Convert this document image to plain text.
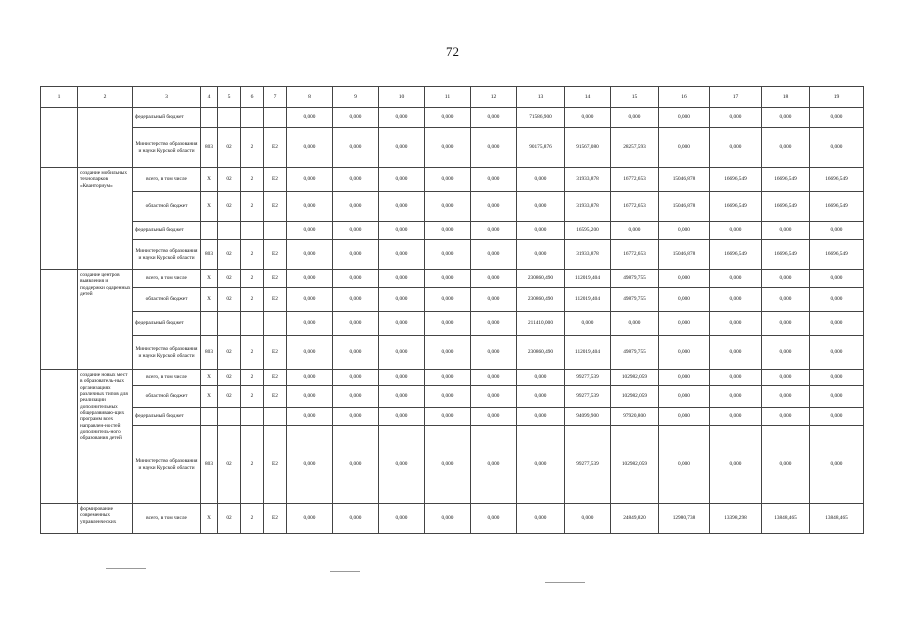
72
1	2	3	4	5	6	7	8	9	10	11	12	13	14	15	16	17	18	19
		федеральный бюджет					0,000	0,000	0,000	0,000	0,000	71586,900	0,000	0,000	0,000	0,000	0,000	0,000
		Министерство образования и науки Курской области	803	02	2	E2	0,000	0,000	0,000	0,000	0,000	90175,876	91567,080	28257,593	0,000	0,000	0,000	0,000
	создание мобильных технопарков «Кванториум»	всего, в том числе	X	02	2	E2	0,000	0,000	0,000	0,000	0,000	0,000	31933,878	16772,653	15046,878	16696,549	16696,549	16696,549
		областной бюджет	X	02	2	E2	0,000	0,000	0,000	0,000	0,000	0,000	31933,878	16772,653	15046,878	16696,549	16696,549	16696,549
		федеральный бюджет					0,000	0,000	0,000	0,000	0,000	0,000	16595,200	0,000	0,000	0,000	0,000	0,000
		Министерство образования и науки Курской области	803	02	2	E2	0,000	0,000	0,000	0,000	0,000	0,000	31933,878	16772,653	15046,878	16696,549	16696,549	16696,549
	создание центров выявления и поддержки одаренных детей	всего, в том числе	X	02	2	E2	0,000	0,000	0,000	0,000	0,000	230860,490	112019,404	49879,755	0,000	0,000	0,000	0,000
		областной бюджет	X	02	2	E2	0,000	0,000	0,000	0,000	0,000	230860,490	112019,404	49879,755	0,000	0,000	0,000	0,000
		федеральный бюджет					0,000	0,000	0,000	0,000	0,000	211410,000	0,000	0,000	0,000	0,000	0,000	0,000
		Министерство образования и науки Курской области	803	02	2	E2	0,000	0,000	0,000	0,000	0,000	230860,490	112019,404	49879,755	0,000	0,000	0,000	0,000
	создание новых мест в образователь-ных организациях различных типов для реализации дополнительных общеразвиваю-щих программ всех направлен-ностей дополнитель-ного образования детей	всего, в том числе	X	02	2	E2	0,000	0,000	0,000	0,000	0,000	0,000	99277,539	102982,059	0,000	0,000	0,000	0,000
		областной бюджет	X	02	2	E2	0,000	0,000	0,000	0,000	0,000	0,000	99277,539	102982,059	0,000	0,000	0,000	0,000
		федеральный бюджет					0,000	0,000	0,000	0,000	0,000	0,000	94099,900	97920,800	0,000	0,000	0,000	0,000
		Министерство образования и науки Курской области	803	02	2	E2	0,000	0,000	0,000	0,000	0,000	0,000	99277,539	102982,059	0,000	0,000	0,000	0,000
	формирование современных управленческих	всего, в том числе	X	02	2	E2	0,000	0,000	0,000	0,000	0,000	0,000	0,000	24849,820	12980,738	13398,298	13848,465	13848,465
